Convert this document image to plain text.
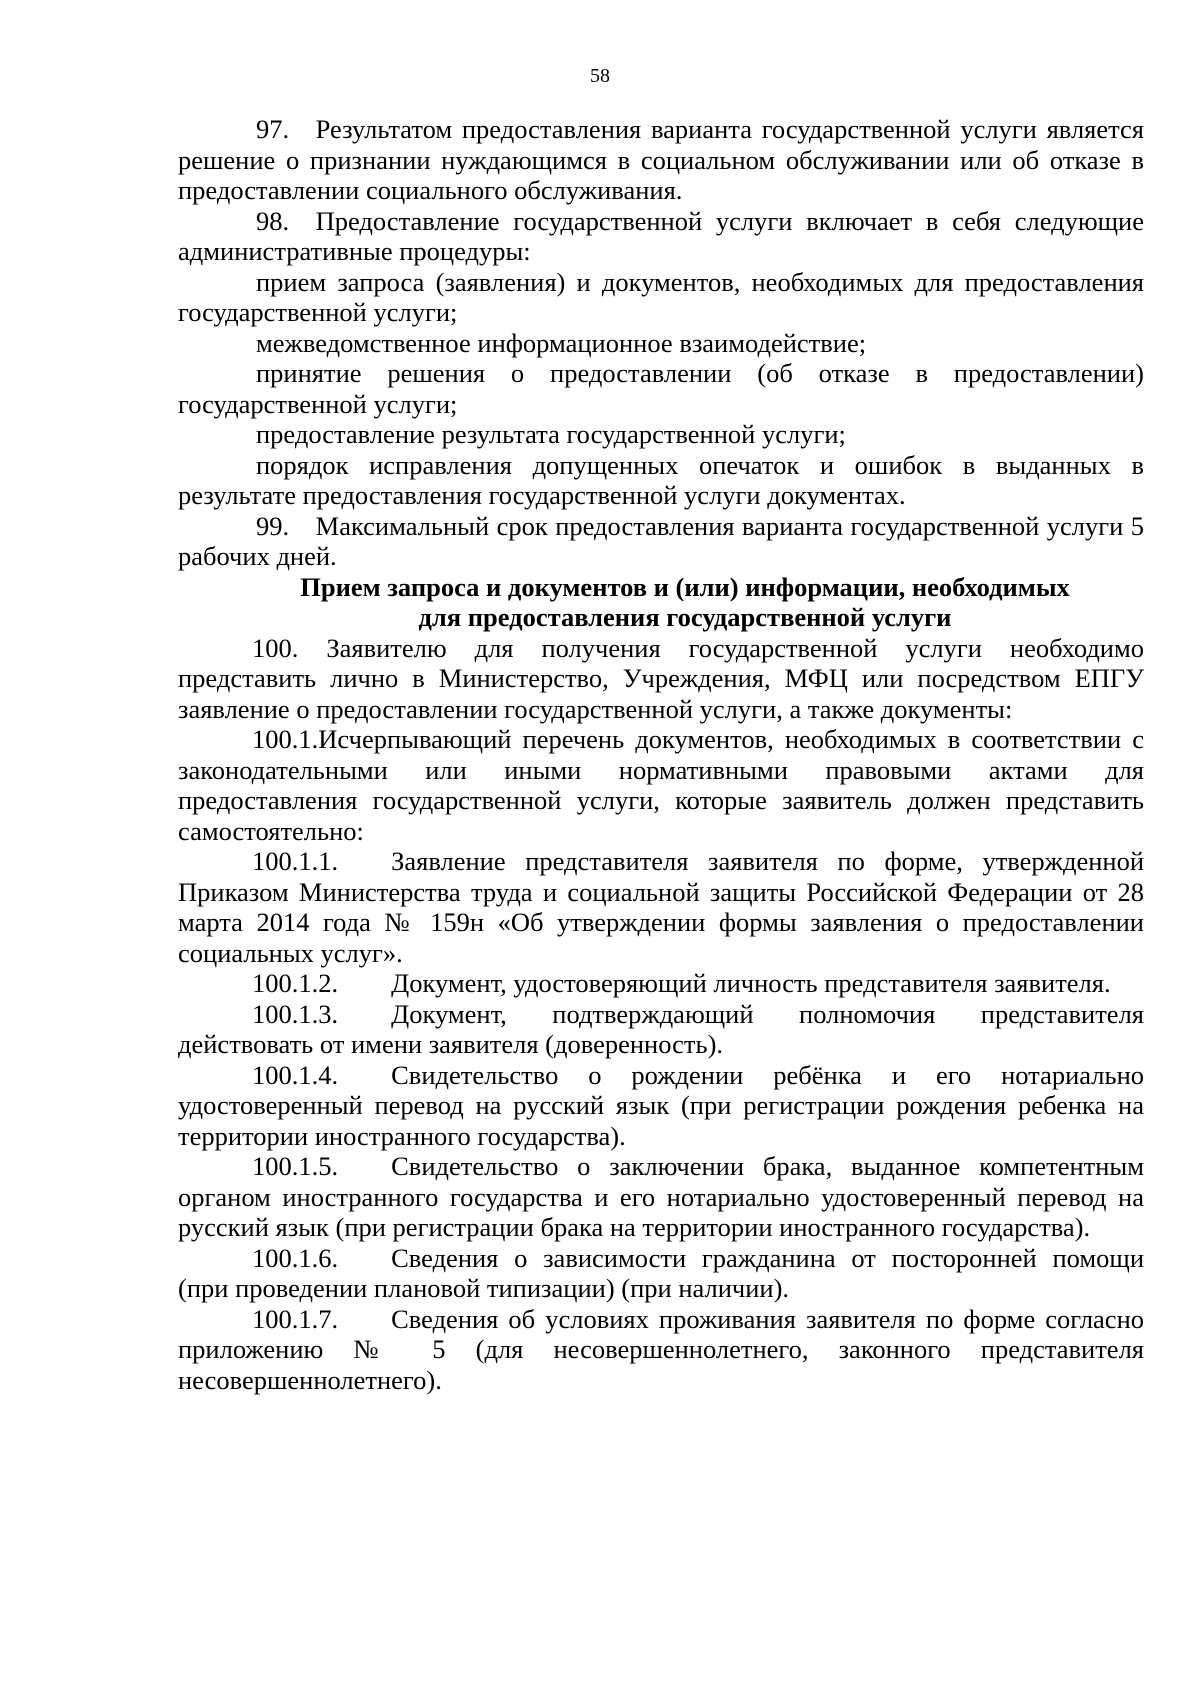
58

97. Результатом предоставления варианта государственной услуги является решение о признании нуждающимся в социальном обслуживании или об отказе в предоставлении социального обслуживания.

98. Предоставление государственной услуги включает в себя следующие административные процедуры:

прием запроса (заявления) и документов, необходимых для предоставления государственной услуги;

межведомственное информационное взаимодействие;

принятие решения о предоставлении (об отказе в предоставлении) государственной услуги;

предоставление результата государственной услуги;

порядок исправления допущенных опечаток и ошибок в выданных в результате предоставления государственной услуги документах.

99. Максимальный срок предоставления варианта государственной услуги 5 рабочих дней.

Прием запроса и документов и (или) информации, необходимых
для предоставления государственной услуги

100. Заявителю для получения государственной услуги необходимо представить лично в Министерство, Учреждения, МФЦ или посредством ЕПГУ заявление о предоставлении государственной услуги, а также документы:

100.1.Исчерпывающий перечень документов, необходимых в соответствии с законодательными или иными нормативными правовыми актами для предоставления государственной услуги, которые заявитель должен представить самостоятельно:

100.1.1.  Заявление представителя заявителя по форме, утвержденной Приказом Министерства труда и социальной защиты Российской Федерации от 28 марта 2014 года № 159н «Об утверждении формы заявления о предоставлении социальных услуг».

100.1.2.  Документ, удостоверяющий личность представителя заявителя.

100.1.3.  Документ, подтверждающий полномочия представителя действовать от имени заявителя (доверенность).

100.1.4.  Свидетельство о рождении ребёнка и его нотариально удостоверенный перевод на русский язык (при регистрации рождения ребенка на территории иностранного государства).

100.1.5.  Свидетельство о заключении брака, выданное компетентным органом иностранного государства и его нотариально удостоверенный перевод на русский язык (при регистрации брака на территории иностранного государства).

100.1.6.  Сведения о зависимости гражданина от посторонней помощи (при проведении плановой типизации) (при наличии).

100.1.7.  Сведения об условиях проживания заявителя по форме согласно приложению № 5 (для несовершеннолетнего, законного представителя несовершеннолетнего).
